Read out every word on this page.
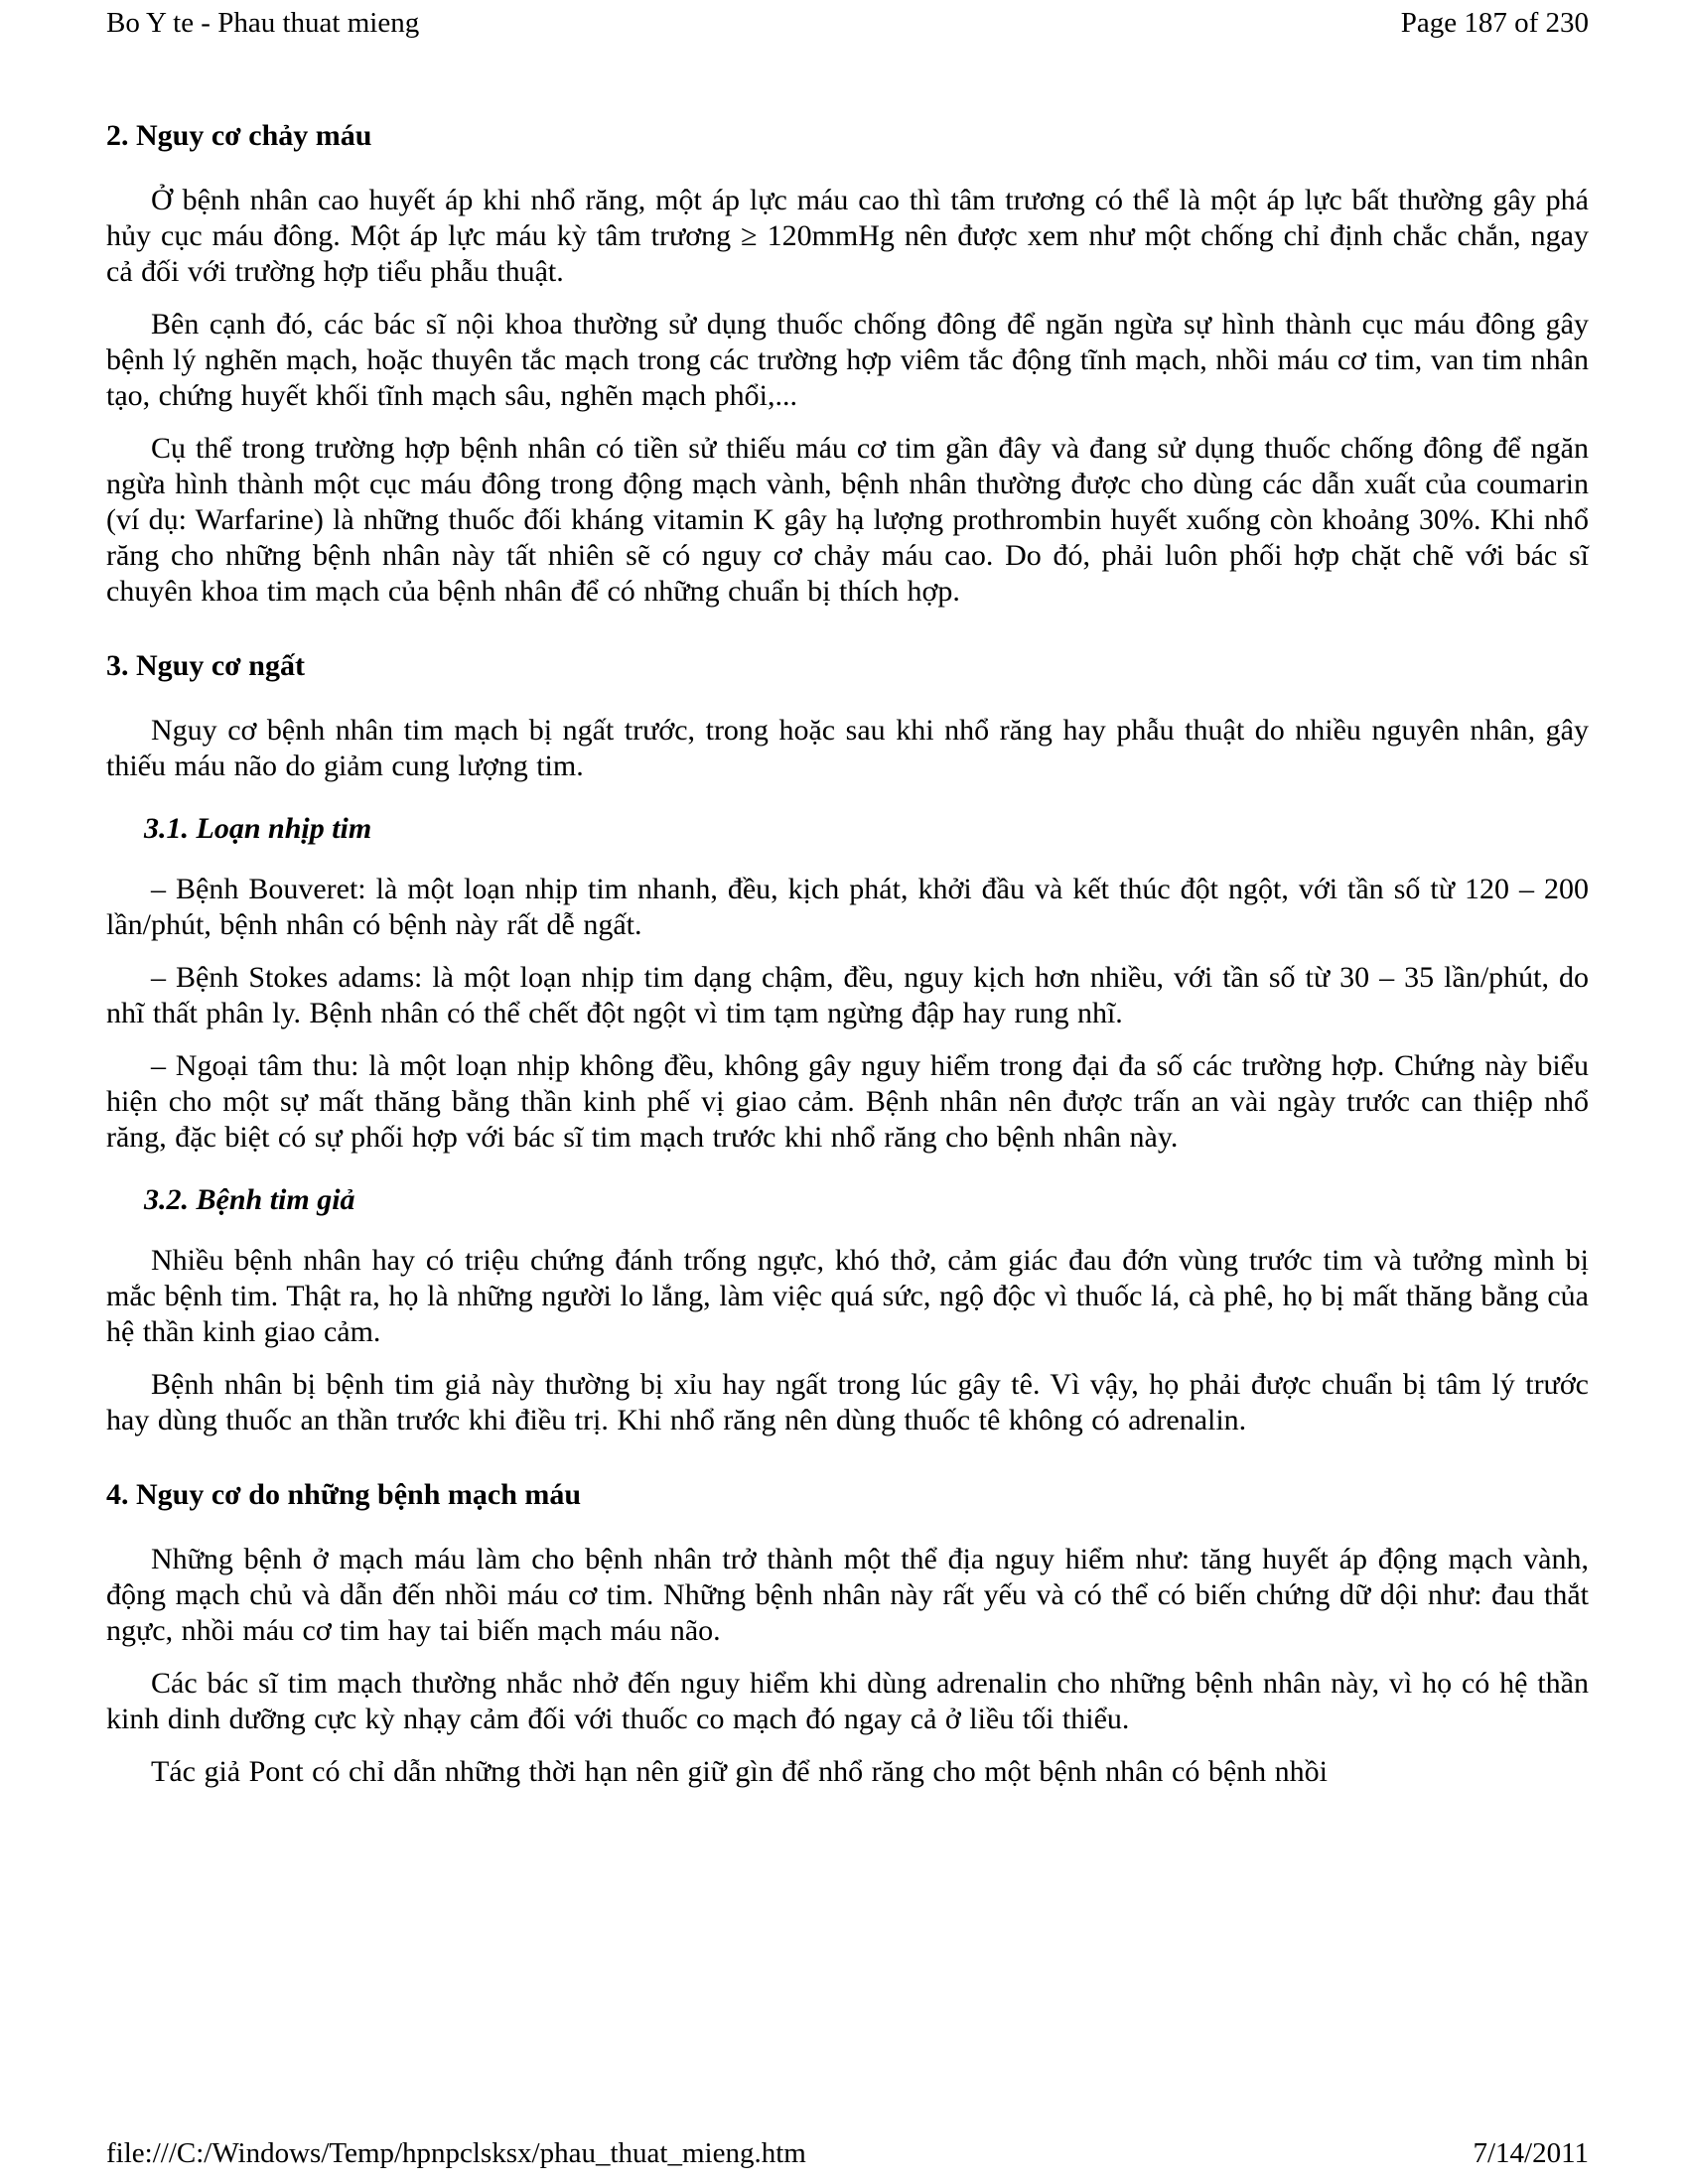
Bo Y te - Phau thuat mieng	Page 187 of 230
2. Nguy cơ chảy máu

Ở bệnh nhân cao huyết áp khi nhổ răng, một áp lực máu cao thì tâm trương có thể là một áp lực bất thường gây phá hủy cục máu đông. Một áp lực máu kỳ tâm trương ≥ 120mmHg nên được xem như một chống chỉ định chắc chắn, ngay cả đối với trường hợp tiểu phẫu thuật.

Bên cạnh đó, các bác sĩ nội khoa thường sử dụng thuốc chống đông để ngăn ngừa sự hình thành cục máu đông gây bệnh lý nghẽn mạch, hoặc thuyên tắc mạch trong các trường hợp viêm tắc động tĩnh mạch, nhồi máu cơ tim, van tim nhân tạo, chứng huyết khối tĩnh mạch sâu, nghẽn mạch phổi,...

Cụ thể trong trường hợp bệnh nhân có tiền sử thiếu máu cơ tim gần đây và đang sử dụng thuốc chống đông để ngăn ngừa hình thành một cục máu đông trong động mạch vành, bệnh nhân thường được cho dùng các dẫn xuất của coumarin (ví dụ: Warfarine) là những thuốc đối kháng vitamin K gây hạ lượng prothrombin huyết xuống còn khoảng 30%. Khi nhổ răng cho những bệnh nhân này tất nhiên sẽ có nguy cơ chảy máu cao. Do đó, phải luôn phối hợp chặt chẽ với bác sĩ chuyên khoa tim mạch của bệnh nhân để có những chuẩn bị thích hợp.

3. Nguy cơ ngất

Nguy cơ bệnh nhân tim mạch bị ngất trước, trong hoặc sau khi nhổ răng hay phẫu thuật do nhiều nguyên nhân, gây thiếu máu não do giảm cung lượng tim.

3.1. Loạn nhịp tim

– Bệnh Bouveret: là một loạn nhịp tim nhanh, đều, kịch phát, khởi đầu và kết thúc đột ngột, với tần số từ 120 – 200 lần/phút, bệnh nhân có bệnh này rất dễ ngất.

– Bệnh Stokes adams: là một loạn nhịp tim dạng chậm, đều, nguy kịch hơn nhiều, với tần số từ 30 – 35 lần/phút, do nhĩ thất phân ly. Bệnh nhân có thể chết đột ngột vì tim tạm ngừng đập hay rung nhĩ.

– Ngoại tâm thu: là một loạn nhịp không đều, không gây nguy hiểm trong đại đa số các trường hợp. Chứng này biểu hiện cho một sự mất thăng bằng thần kinh phế vị giao cảm. Bệnh nhân nên được trấn an vài ngày trước can thiệp nhổ răng, đặc biệt có sự phối hợp với bác sĩ tim mạch trước khi nhổ răng cho bệnh nhân này.

3.2. Bệnh tim giả

Nhiều bệnh nhân hay có triệu chứng đánh trống ngực, khó thở, cảm giác đau đớn vùng trước tim và tưởng mình bị mắc bệnh tim. Thật ra, họ là những người lo lắng, làm việc quá sức, ngộ độc vì thuốc lá, cà phê, họ bị mất thăng bằng của hệ thần kinh giao cảm.

Bệnh nhân bị bệnh tim giả này thường bị xỉu hay ngất trong lúc gây tê. Vì vậy, họ phải được chuẩn bị tâm lý trước hay dùng thuốc an thần trước khi điều trị. Khi nhổ răng nên dùng thuốc tê không có adrenalin.

4. Nguy cơ do những bệnh mạch máu

Những bệnh ở mạch máu làm cho bệnh nhân trở thành một thể địa nguy hiểm như: tăng huyết áp động mạch vành, động mạch chủ và dẫn đến nhồi máu cơ tim. Những bệnh nhân này rất yếu và có thể có biến chứng dữ dội như: đau thắt ngực, nhồi máu cơ tim hay tai biến mạch máu não.

Các bác sĩ tim mạch thường nhắc nhở đến nguy hiểm khi dùng adrenalin cho những bệnh nhân này, vì họ có hệ thần kinh dinh dưỡng cực kỳ nhạy cảm đối với thuốc co mạch đó ngay cả ở liều tối thiểu.

Tác giả Pont có chỉ dẫn những thời hạn nên giữ gìn để nhổ răng cho một bệnh nhân có bệnh nhồi

file:///C:/Windows/Temp/hpnpclsksx/phau_thuat_mieng.htm	7/14/2011
